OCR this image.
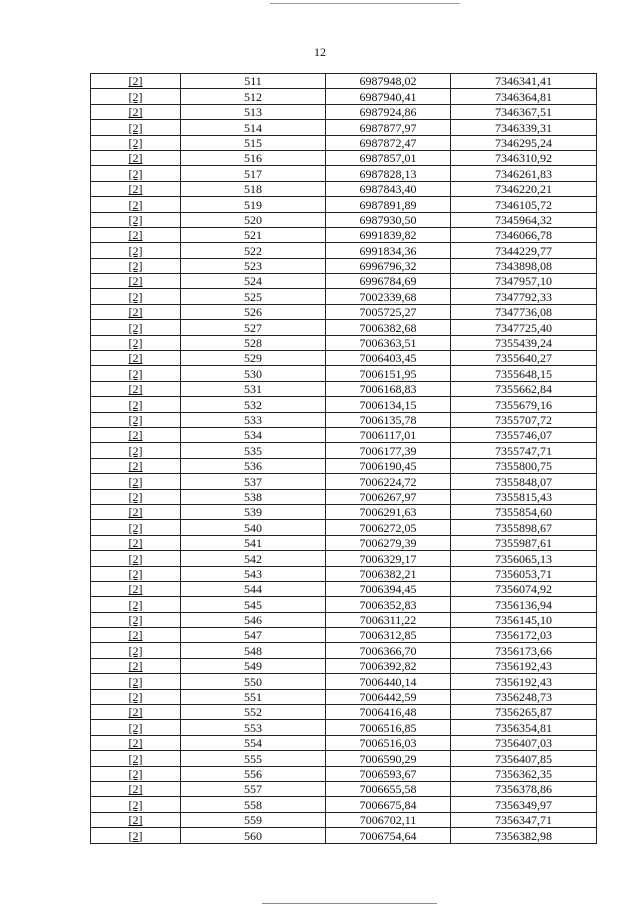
12
[2]	511	6987948,02	7346341,41
[2]	512	6987940,41	7346364,81
[2]	513	6987924,86	7346367,51
[2]	514	6987877,97	7346339,31
[2]	515	6987872,47	7346295,24
[2]	516	6987857,01	7346310,92
[2]	517	6987828,13	7346261,83
[2]	518	6987843,40	7346220,21
[2]	519	6987891,89	7346105,72
[2]	520	6987930,50	7345964,32
[2]	521	6991839,82	7346066,78
[2]	522	6991834,36	7344229,77
[2]	523	6996796,32	7343898,08
[2]	524	6996784,69	7347957,10
[2]	525	7002339,68	7347792,33
[2]	526	7005725,27	7347736,08
[2]	527	7006382,68	7347725,40
[2]	528	7006363,51	7355439,24
[2]	529	7006403,45	7355640,27
[2]	530	7006151,95	7355648,15
[2]	531	7006168,83	7355662,84
[2]	532	7006134,15	7355679,16
[2]	533	7006135,78	7355707,72
[2]	534	7006117,01	7355746,07
[2]	535	7006177,39	7355747,71
[2]	536	7006190,45	7355800,75
[2]	537	7006224,72	7355848,07
[2]	538	7006267,97	7355815,43
[2]	539	7006291,63	7355854,60
[2]	540	7006272,05	7355898,67
[2]	541	7006279,39	7355987,61
[2]	542	7006329,17	7356065,13
[2]	543	7006382,21	7356053,71
[2]	544	7006394,45	7356074,92
[2]	545	7006352,83	7356136,94
[2]	546	7006311,22	7356145,10
[2]	547	7006312,85	7356172,03
[2]	548	7006366,70	7356173,66
[2]	549	7006392,82	7356192,43
[2]	550	7006440,14	7356192,43
[2]	551	7006442,59	7356248,73
[2]	552	7006416,48	7356265,87
[2]	553	7006516,85	7356354,81
[2]	554	7006516,03	7356407,03
[2]	555	7006590,29	7356407,85
[2]	556	7006593,67	7356362,35
[2]	557	7006655,58	7356378,86
[2]	558	7006675,84	7356349,97
[2]	559	7006702,11	7356347,71
[2]	560	7006754,64	7356382,98
